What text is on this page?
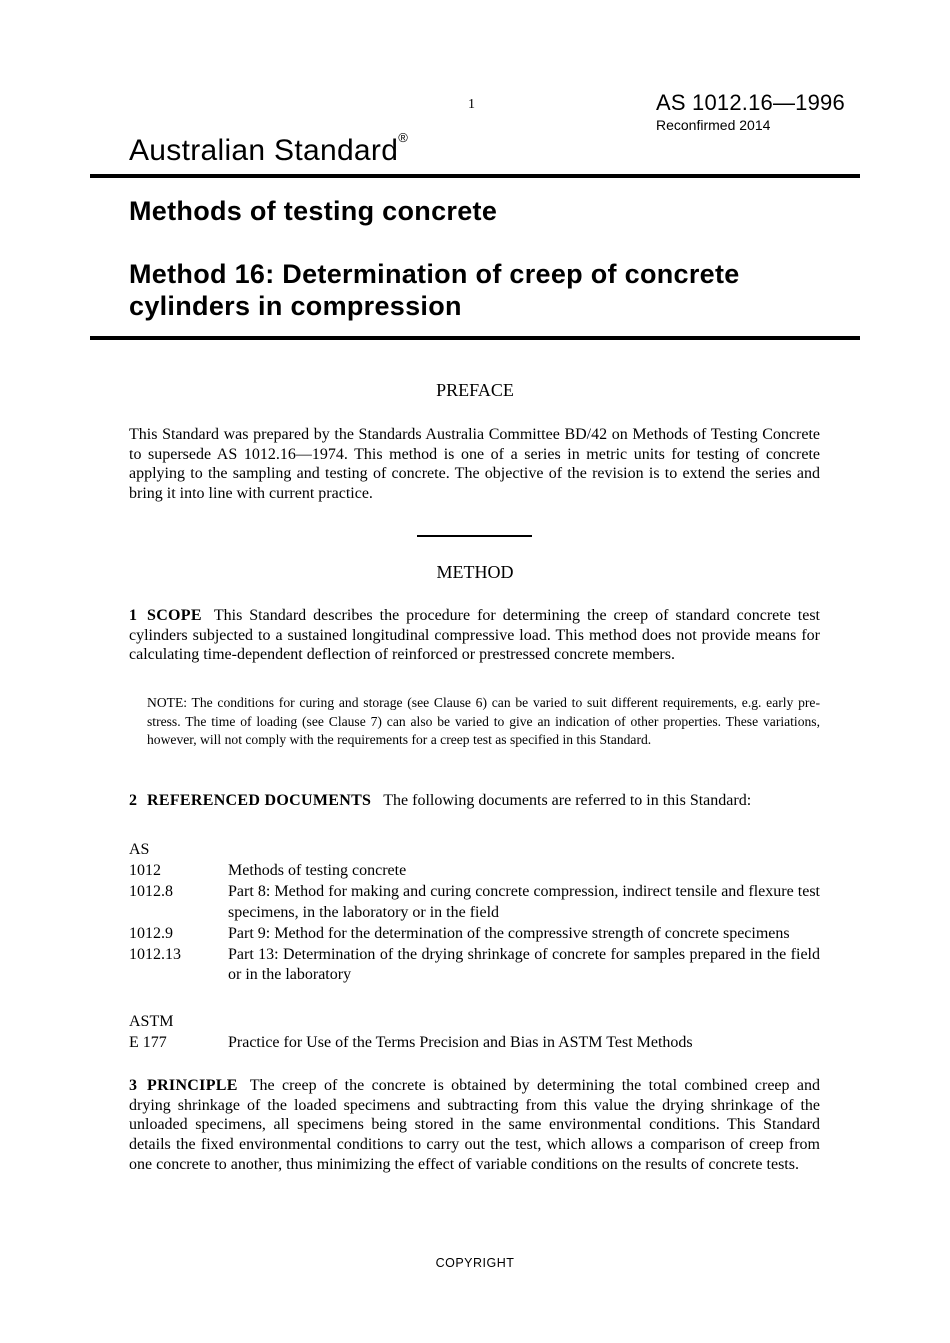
1	AS 1012.16—1996
Reconfirmed 2014
Australian Standard®
Methods of testing concrete
Method 16: Determination of creep of concrete cylinders in compression
PREFACE
This Standard was prepared by the Standards Australia Committee BD/42 on Methods of Testing Concrete to supersede AS 1012.16—1974. This method is one of a series in metric units for testing of concrete applying to the sampling and testing of concrete. The objective of the revision is to extend the series and bring it into line with current practice.
METHOD
1 SCOPE This Standard describes the procedure for determining the creep of standard concrete test cylinders subjected to a sustained longitudinal compressive load. This method does not provide means for calculating time-dependent deflection of reinforced or prestressed concrete members.
NOTE: The conditions for curing and storage (see Clause 6) can be varied to suit different requirements, e.g. early pre-stress. The time of loading (see Clause 7) can also be varied to give an indication of other properties. These variations, however, will not comply with the requirements for a creep test as specified in this Standard.
2 REFERENCED DOCUMENTS The following documents are referred to in this Standard:
AS
1012	Methods of testing concrete
1012.8	Part 8: Method for making and curing concrete compression, indirect tensile and flexure test specimens, in the laboratory or in the field
1012.9	Part 9: Method for the determination of the compressive strength of concrete specimens
1012.13	Part 13: Determination of the drying shrinkage of concrete for samples prepared in the field or in the laboratory
ASTM
E 177	Practice for Use of the Terms Precision and Bias in ASTM Test Methods
3 PRINCIPLE The creep of the concrete is obtained by determining the total combined creep and drying shrinkage of the loaded specimens and subtracting from this value the drying shrinkage of the unloaded specimens, all specimens being stored in the same environmental conditions. This Standard details the fixed environmental conditions to carry out the test, which allows a comparison of creep from one concrete to another, thus minimizing the effect of variable conditions on the results of concrete tests.
COPYRIGHT
